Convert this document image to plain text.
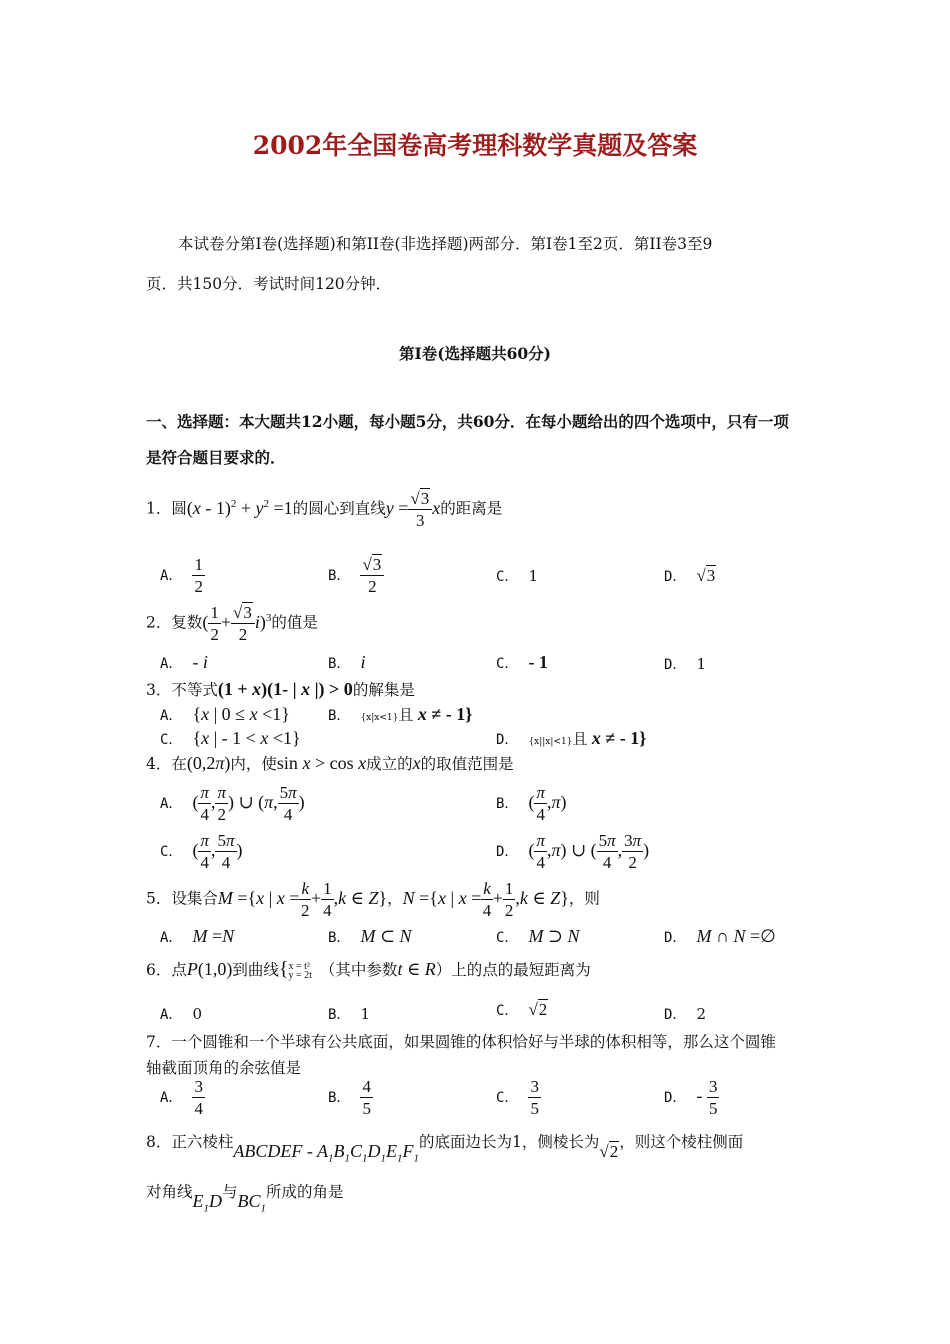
2002年全国卷高考理科数学真题及答案
本试卷分第I卷(选择题)和第II卷(非选择题)两部分．第I卷1至2页．第II卷3至9
页．共150分．考试时间120分钟．
第I卷(选择题共60分)
一、选择题：本大题共12小题，每小题5分，共60分．在每小题给出的四个选项中，只有一项
是符合题目要求的．
1．圆$(x - 1)^2 + y^2 =1$的圆心到直线$y = \frac{√3}{3}$ x的距离是
A． $\frac{1}{2}$	B． $\frac{√3}{2}$	C． 1	D． √3
2．复数( $\frac{1}{2} + \frac{√3}{2} i)^3$的值是
A． - i	B． i	C． - 1	D． 1
3．不等式(1 + x)(1- | x |) > 0的解集是
A． {x | 0 ≤ x <1}	B． {x|x<1}且 x ≠ - 1}
C． {x | - 1 < x <1}	D． {x||x|<1}且 x ≠ - 1}
4．在(0,2π)内，使sin x > cos x成立的x的取值范围是
A． ( $\frac{\pi}{4}$ , $\frac{\pi}{2}$ ) ∪ (π, $\frac{5\pi}{4}$ )	B． ( $\frac{\pi}{4} ,\pi$)
C． ( $\frac{\pi}{4}$ , $\frac{5\pi}{4}$ )	D． ( $\frac{\pi}{4} ,\pi$) ∪ ( $\frac{5\pi}{4}$ , $\frac{3\pi}{2}$ )
5．设集合M ={x | $x = \frac{k}{2} + \frac{1}{4} ,k$ ∈ Z}，N ={x | $x = \frac{k}{4} + \frac{1}{2} ,k$ ∈ Z}，则
A． M =N	B． M ⊂ N	C． M ⊃ N	D． M ∩ N =∅
6．点P(1,0)到曲线{x = t²
y = 2t （其中参数t ∈ R）上的点的最短距离为
A． 0	B． 1	C． √2	D． 2
7．一个圆锥和一个半球有公共底面，如果圆锥的体积恰好与半球的体积相等，那么这个圆锥
轴截面顶角的余弦值是
A． $\frac{3}{4}$	B． $\frac{4}{5}$	C． $\frac{3}{5}$	D． - $\frac{3}{5}$
8．正六棱柱ABCDEF - $A_1B_1C_1D_1E_1F_1$的底面边长为1，侧棱长为√2，则这个棱柱侧面
对角线$E_1D$与$BC_1$所成的角是
